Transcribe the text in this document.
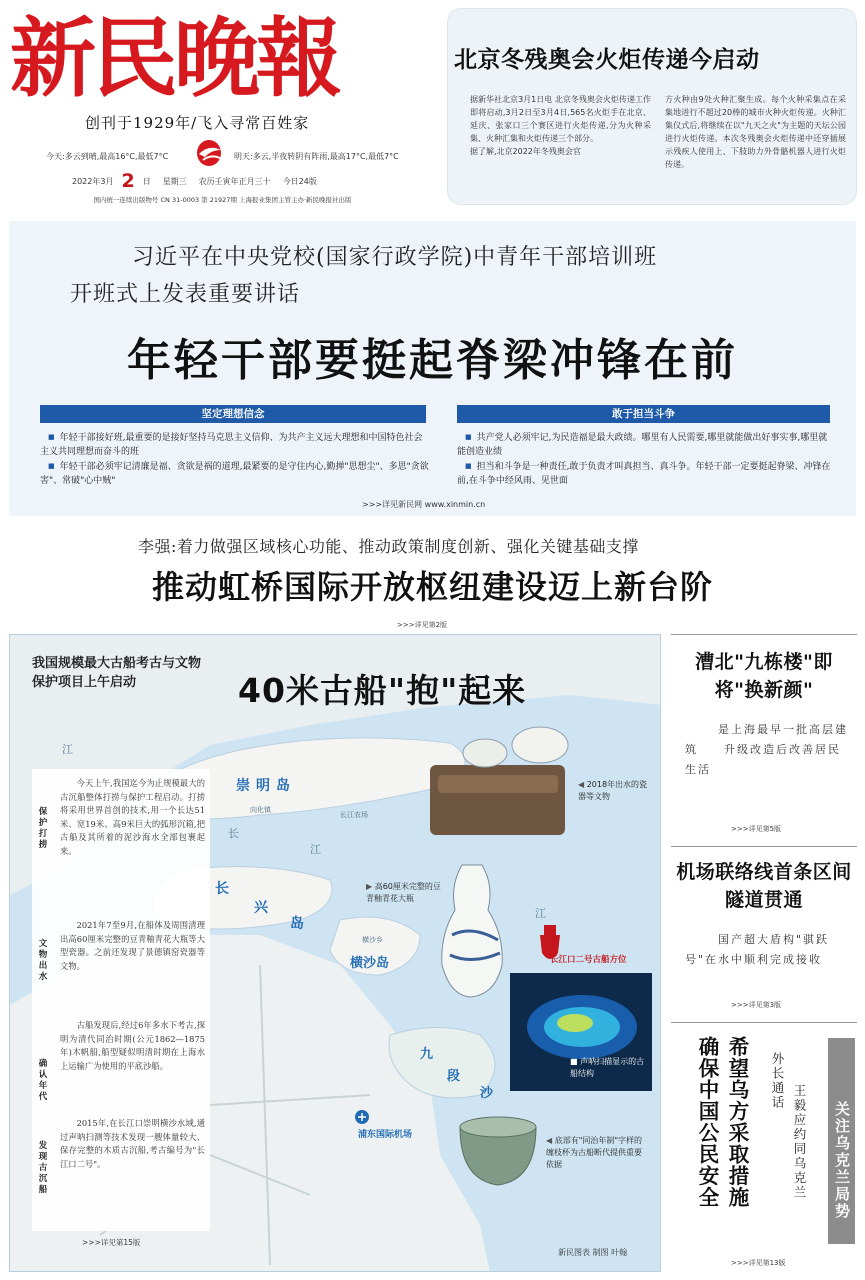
新民晚報
创刊于1929年/飞入寻常百姓家
今天:多云到晴,最高16°C,最低7°C	明天:多云,半夜转阴有阵雨,最高17°C,最低7°C
2022年3月 2 日 星期三 农历壬寅年正月三十 今日24版
国内统一连续出版物号 CN 31-0003 第 21927期 上海报业集团主管主办·新民晚报社出版
北京冬残奥会火炬传递今启动

据新华社北京3月1日电 北京冬残奥会火炬传递工作即将启动,3月2日至3月4日,565名火炬手在北京、延庆、张家口三个赛区进行火炬传递,分为火种采集、火种汇集和火炬传递三个部分。
据了解,北京2022年冬残奥会官

方火种由9处火种汇聚生成。每个火种采集点在采集地进行不超过20棒的城市火种火炬传递。火种汇集仪式后,将继续在以"九天之火"为主题的天坛公园进行火炬传递。本次冬残奥会火炬传递中还穿插展示残疾人使用上、下肢助力外骨骼机器人进行火炬传递。

习近平在中央党校(国家行政学院)中青年干部培训班
开班式上发表重要讲话
年轻干部要挺起脊梁冲锋在前
坚定理想信念	敢于担当斗争

■ 年轻干部接好班,最重要的是接好坚持马克思主义信仰、为共产主义远大理想和中国特色社会主义共同理想而奋斗的班

■ 年轻干部必须牢记清廉是福、贪欲是祸的道理,最紧要的是守住内心,勤掸"思想尘"、多思"贪欲害"、常破"心中贼"

■ 共产党人必须牢记,为民造福是最大政绩。哪里有人民需要,哪里就能做出好事实事,哪里就能创造业绩

■ 担当和斗争是一种责任,敢于负责才叫真担当、真斗争。年轻干部一定要挺起脊梁、冲锋在前,在斗争中经风雨、见世面

>>>详见新民网 www.xinmin.cn
李强:着力做强区域核心功能、推动政策制度创新、强化关键基础支撑
推动虹桥国际开放枢纽建设迈上新台阶
>>>详见第2版
我国规模最大古船考古与文物保护项目上午启动	40米古船"抱"起来
崇明岛
长
兴
岛
横沙岛
九
段
沙
浦东国际机场
江
长
江
江
长江农场
向化镇
横沙乡
◀ 2018年出水的瓷器等文物
▶ 高60厘米完整的豆青釉青花大瓶
长江口二号古船方位
■ 声呐扫描显示的古船结构
◀ 底部有"同治年制"字样的缠枝杯为古船断代提供重要依据
保护打捞
今天上午,我国迄今为止规模最大的古沉船整体打捞与保护工程启动。打捞将采用世界首创的技术,用一个长达51米、宽19米、高9米巨大的弧形沉箱,把古船及其所着的泥沙海水全部包裹起来。
文物出水
2021年7至9月,在船体及周围清理出高60厘米完整的豆青釉青花大瓶等大型瓷器。之前还发现了景德镇窑瓷器等文物。
确认年代
古船发现后,经过6年多水下考古,探明为清代同治时期(公元1862—1875年)木帆船,船型疑似明清时期在上海水上运输广为使用的平底沙船。
发现古沉船
2015年,在长江口崇明横沙水域,通过声呐扫测等技术发现一艘体量较大、保存完整的木质古沉船,考古编号为"长江口二号"。
>>>详见第15版
新民图表 制图 叶翰
漕北"九栋楼"即将"换新颜"
是上海最早一批高层建筑　　升级改造后改善居民生活
>>>详见第5版
机场联络线首条区间隧道贯通
国产超大盾构"骐跃号"在水中顺利完成接收
>>>详见第3版
确保中国公民安全 希望乌方采取措施	王毅应约同乌克兰
外长通话
关注乌克兰局势
>>>详见第13版
